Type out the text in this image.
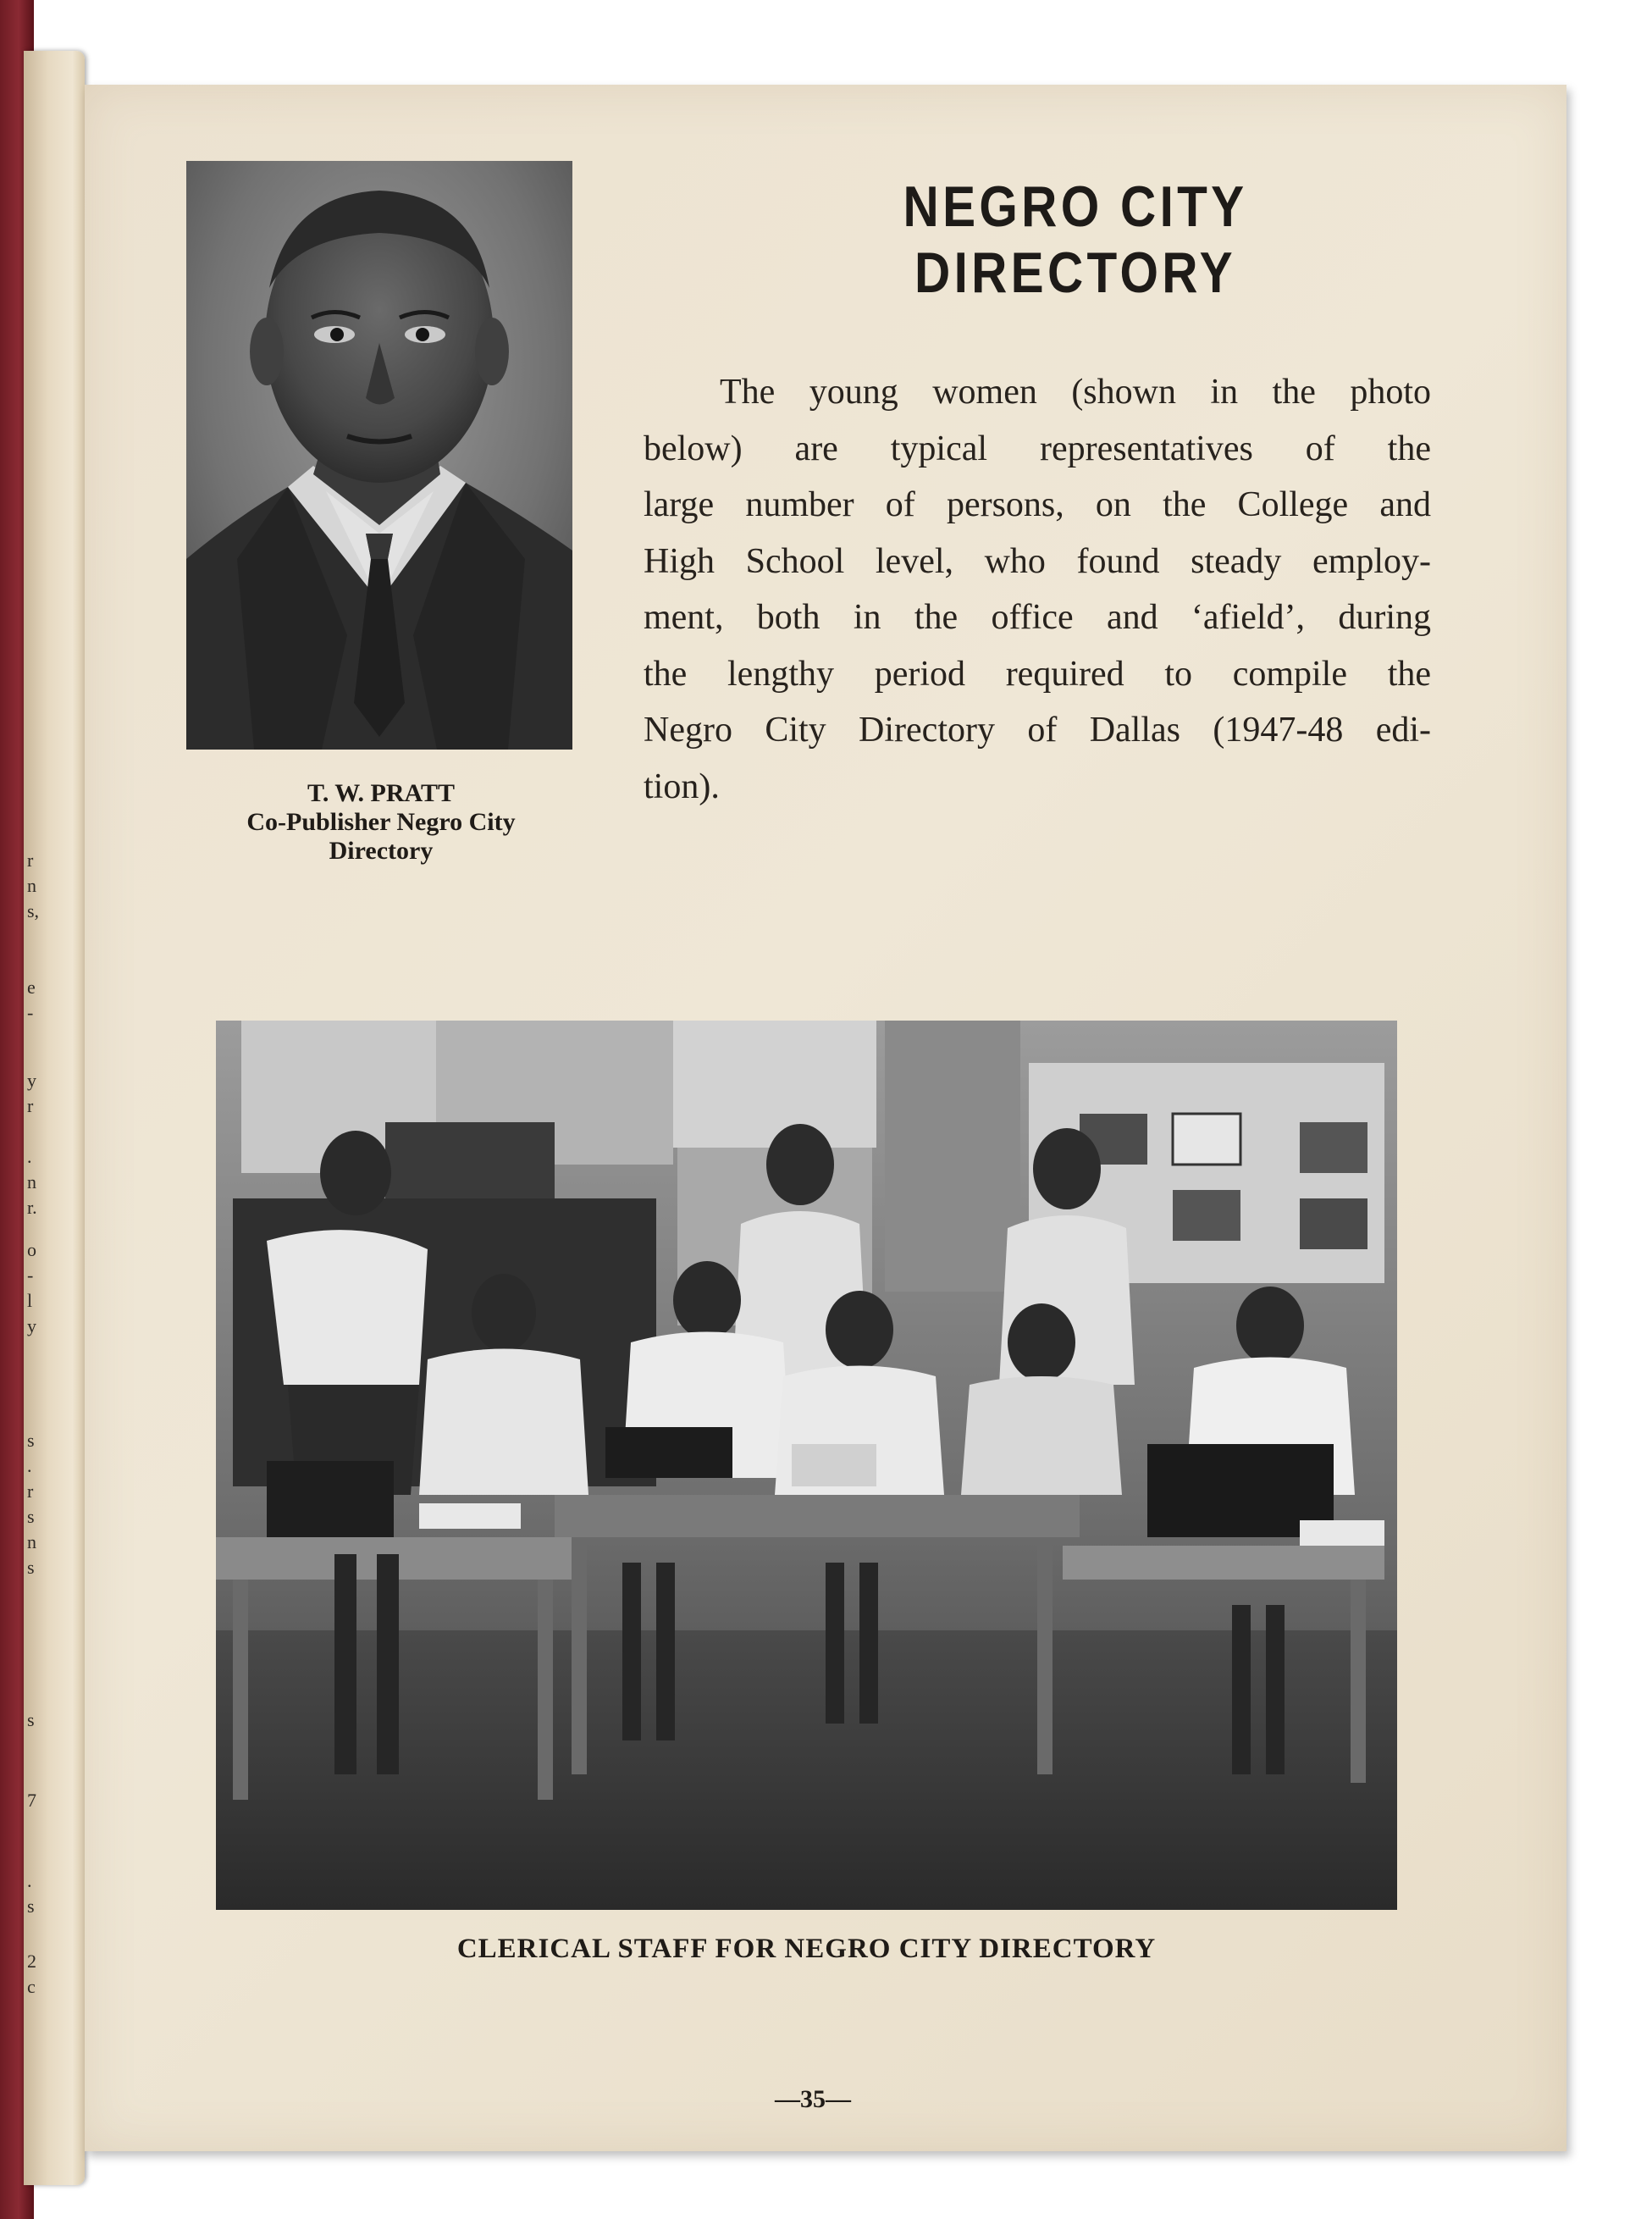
r
n
s,
e
-
y
r
.
n
r.
o
-
l
y
s
.
r
s
n
s
s
7
.
s
2
c
T. W. PRATT
Co-Publisher Negro City
Directory
NEGRO CITY DIRECTORY
The young women (shown in the photo
below) are typical representatives of the
large number of persons, on the College and
High School level, who found steady employ-
ment, both in the office and ‘afield’, during
the lengthy period required to compile the
Negro City Directory of Dallas (1947-48 edi-
tion).
CLERICAL STAFF FOR NEGRO CITY DIRECTORY
—35—
